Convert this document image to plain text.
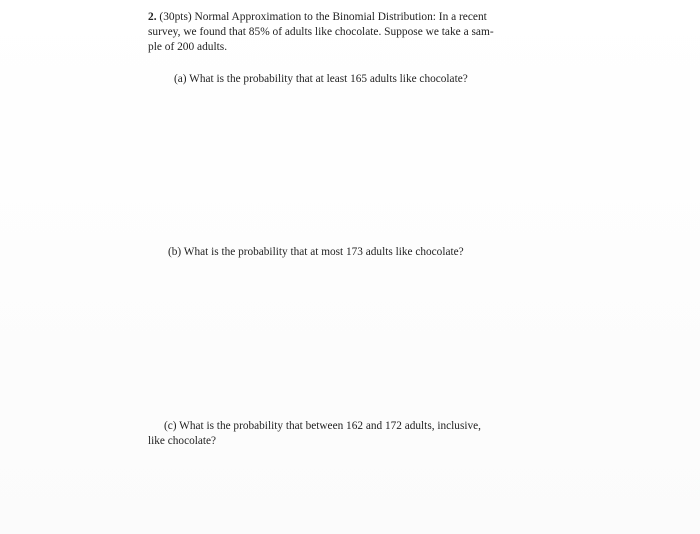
2. (30pts) Normal Approximation to the Binomial Distribution: In a recent
survey, we found that 85% of adults like chocolate. Suppose we take a sam-
ple of 200 adults.
(a) What is the probability that at least 165 adults like chocolate?
(b) What is the probability that at most 173 adults like chocolate?
(c) What is the probability that between 162 and 172 adults, inclusive,
like chocolate?
